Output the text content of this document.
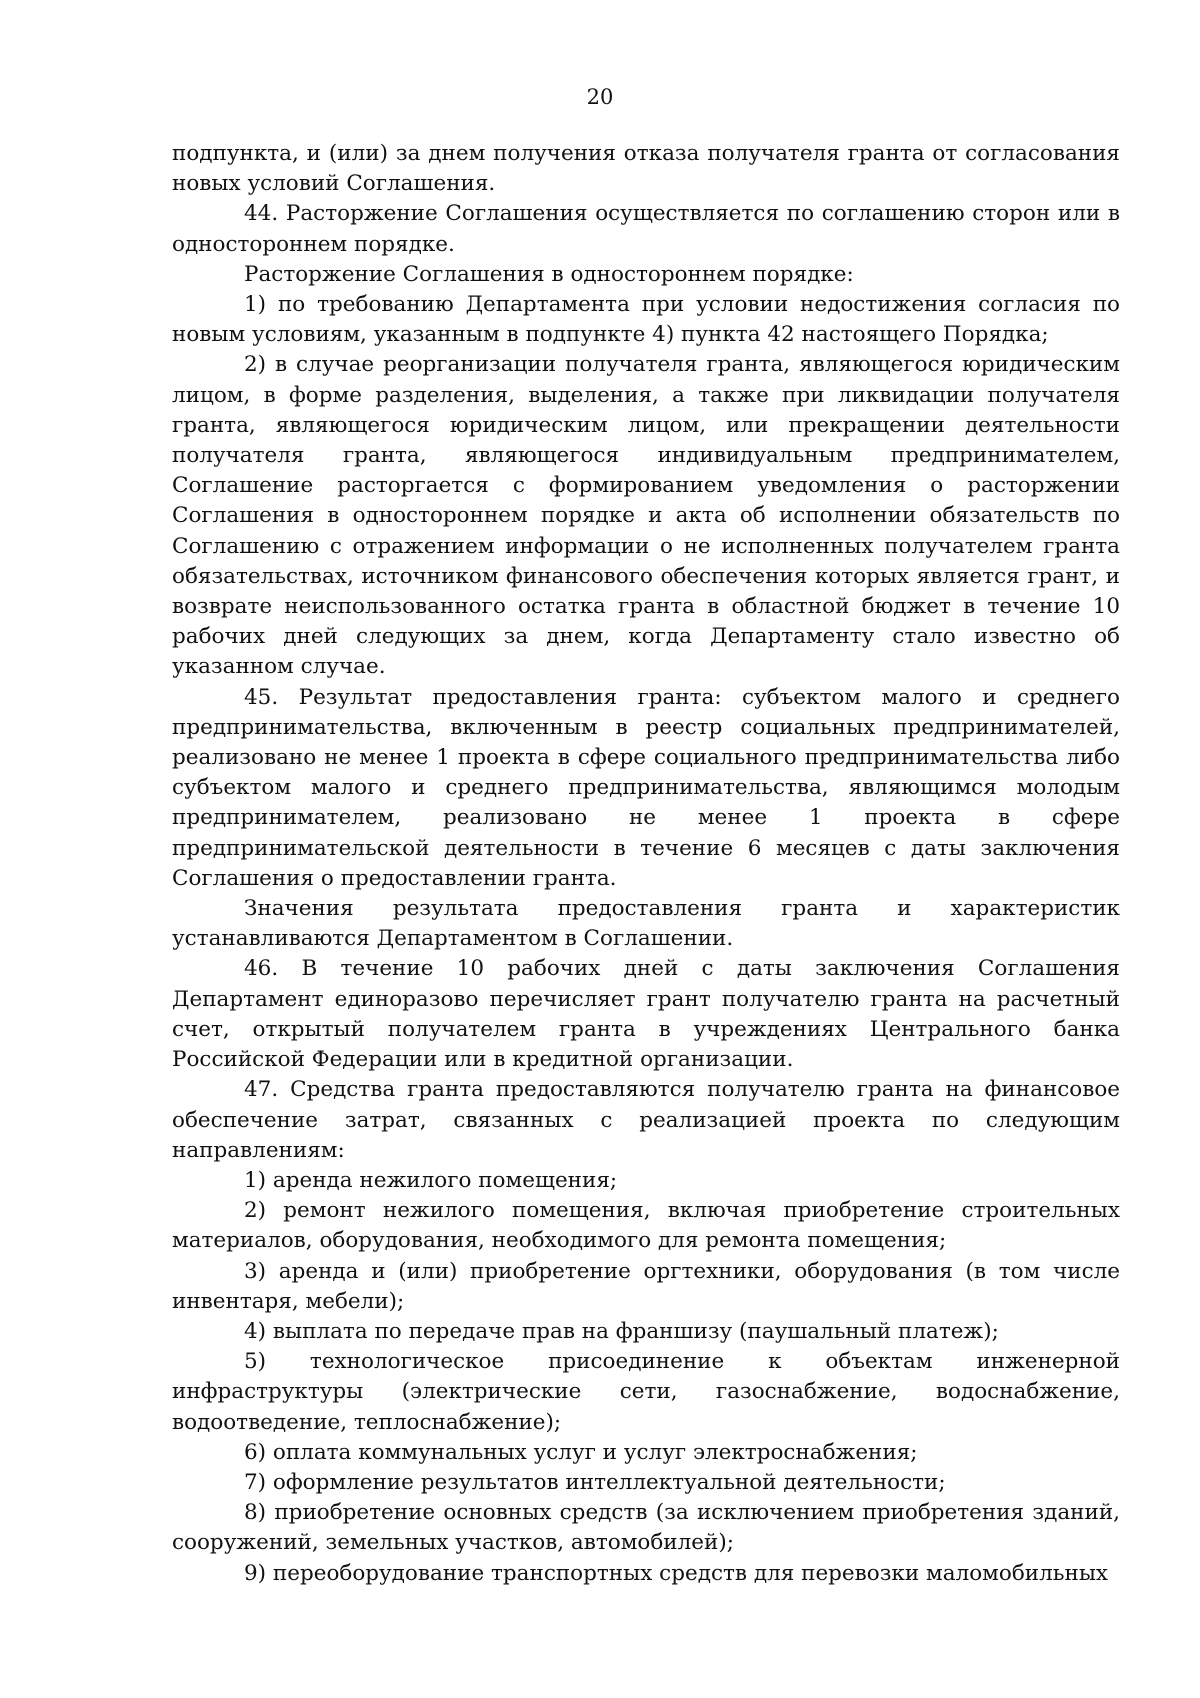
20

подпункта, и (или) за днем получения отказа получателя гранта от согласования новых условий Соглашения.

44. Расторжение Соглашения осуществляется по соглашению сторон или в одностороннем порядке.

Расторжение Соглашения в одностороннем порядке:

1) по требованию Департамента при условии недостижения согласия по новым условиям, указанным в подпункте 4) пункта 42 настоящего Порядка;

2) в случае реорганизации получателя гранта, являющегося юридическим лицом, в форме разделения, выделения, а также при ликвидации получателя гранта, являющегося юридическим лицом, или прекращении деятельности получателя гранта, являющегося индивидуальным предпринимателем, Соглашение расторгается с формированием уведомления о расторжении Соглашения в одностороннем порядке и акта об исполнении обязательств по Соглашению с отражением информации о не исполненных получателем гранта обязательствах, источником финансового обеспечения которых является грант, и возврате неиспользованного остатка гранта в областной бюджет в течение 10 рабочих дней следующих за днем, когда Департаменту стало известно об указанном случае.

45. Результат предоставления гранта: субъектом малого и среднего предпринимательства, включенным в реестр социальных предпринимателей, реализовано не менее 1 проекта в сфере социального предпринимательства либо субъектом малого и среднего предпринимательства, являющимся молодым предпринимателем, реализовано не менее 1 проекта в сфере предпринимательской деятельности в течение 6 месяцев с даты заключения Соглашения о предоставлении гранта.

Значения результата предоставления гранта и характеристик устанавливаются Департаментом в Соглашении.

46. В течение 10 рабочих дней с даты заключения Соглашения Департамент единоразово перечисляет грант получателю гранта на расчетный счет, открытый получателем гранта в учреждениях Центрального банка Российской Федерации или в кредитной организации.

47. Средства гранта предоставляются получателю гранта на финансовое обеспечение затрат, связанных с реализацией проекта по следующим направлениям:

1) аренда нежилого помещения;

2) ремонт нежилого помещения, включая приобретение строительных материалов, оборудования, необходимого для ремонта помещения;

3) аренда и (или) приобретение оргтехники, оборудования (в том числе инвентаря, мебели);

4) выплата по передаче прав на франшизу (паушальный платеж);

5) технологическое присоединение к объектам инженерной инфраструктуры (электрические сети, газоснабжение, водоснабжение, водоотведение, теплоснабжение);

6) оплата коммунальных услуг и услуг электроснабжения;

7) оформление результатов интеллектуальной деятельности;

8) приобретение основных средств (за исключением приобретения зданий, сооружений, земельных участков, автомобилей);

9) переоборудование транспортных средств для перевозки маломобильных
